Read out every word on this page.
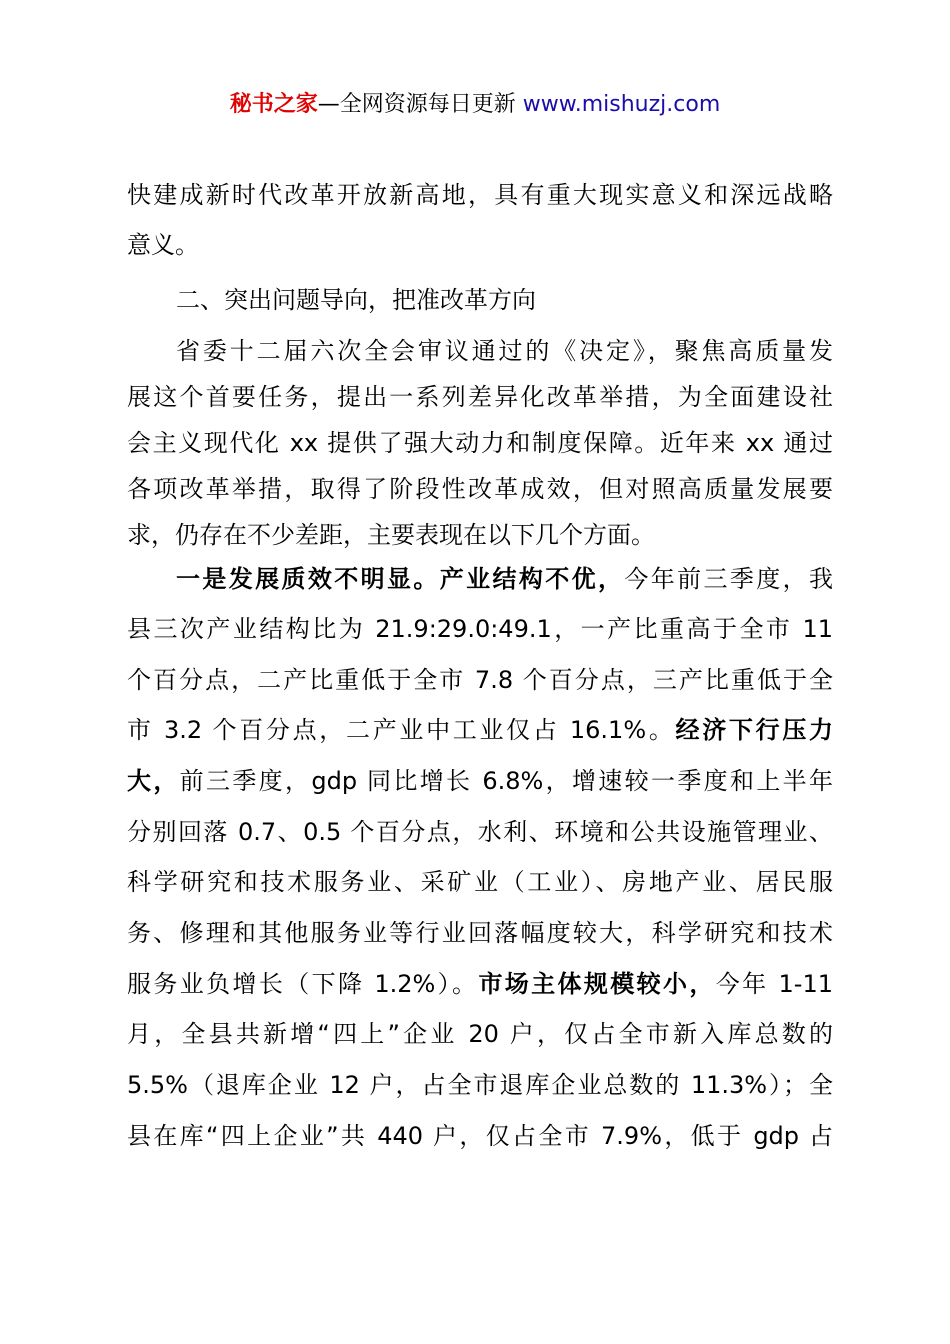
秘书之家—全网资源每日更新 www.mishuzj.com
快建成新时代改革开放新高地，具有重大现实意义和深远战略
意义。
二、突出问题导向，把准改革方向
省委十二届六次全会审议通过的《决定》，聚焦高质量发
展这个首要任务，提出一系列差异化改革举措，为全面建设社
会主义现代化 xx 提供了强大动力和制度保障。近年来 xx 通过
各项改革举措，取得了阶段性改革成效，但对照高质量发展要
求，仍存在不少差距，主要表现在以下几个方面。
一是发展质效不明显。产业结构不优，今年前三季度，我
县三次产业结构比为 21.9:29.0:49.1，一产比重高于全市 11
个百分点，二产比重低于全市 7.8 个百分点，三产比重低于全
市 3.2 个百分点，二产业中工业仅占 16.1%。经济下行压力
大，前三季度，gdp 同比增长 6.8%，增速较一季度和上半年
分别回落 0.7、0.5 个百分点，水利、环境和公共设施管理业、
科学研究和技术服务业、采矿业（工业）、房地产业、居民服
务、修理和其他服务业等行业回落幅度较大，科学研究和技术
服务业负增长（下降 1.2%）。市场主体规模较小，今年 1-11
月，全县共新增“四上”企业 20 户，仅占全市新入库总数的
5.5%（退库企业 12 户，占全市退库企业总数的 11.3%）；全
县在库“四上企业”共 440 户，仅占全市 7.9%，低于 gdp 占
